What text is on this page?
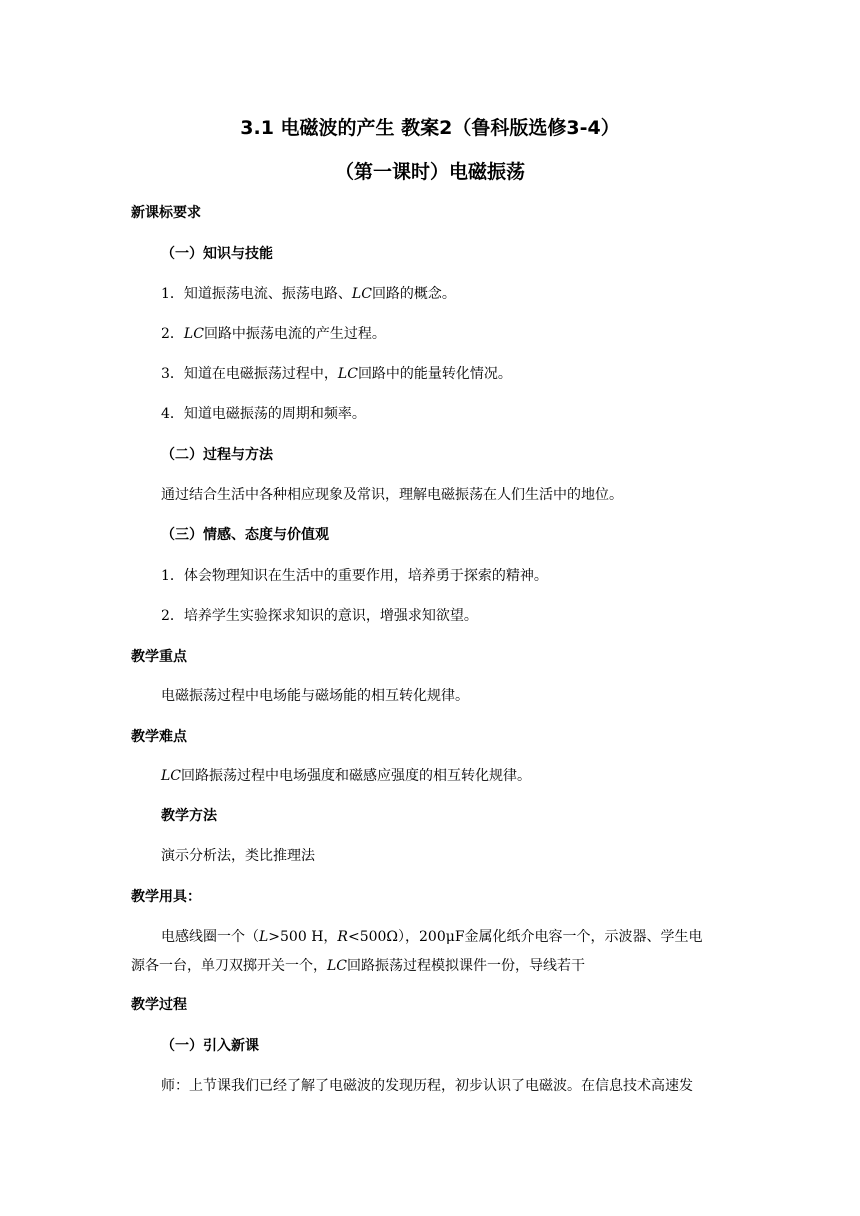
3.1 电磁波的产生 教案2（鲁科版选修3-4）
（第一课时）电磁振荡

新课标要求

（一）知识与技能

1．知道振荡电流、振荡电路、LC回路的概念。

2．LC回路中振荡电流的产生过程。

3．知道在电磁振荡过程中，LC回路中的能量转化情况。

4．知道电磁振荡的周期和频率。

（二）过程与方法

通过结合生活中各种相应现象及常识，理解电磁振荡在人们生活中的地位。

（三）情感、态度与价值观

1．体会物理知识在生活中的重要作用，培养勇于探索的精神。

2．培养学生实验探求知识的意识，增强求知欲望。

教学重点

电磁振荡过程中电场能与磁场能的相互转化规律。

教学难点

LC回路振荡过程中电场强度和磁感应强度的相互转化规律。

教学方法

演示分析法，类比推理法

教学用具：

电感线圈一个（L>500 H，R<500Ω），200μF金属化纸介电容一个，示波器、学生电

源各一台，单刀双掷开关一个，LC回路振荡过程模拟课件一份，导线若干

教学过程

（一）引入新课

师：上节课我们已经了解了电磁波的发现历程，初步认识了电磁波。在信息技术高速发
